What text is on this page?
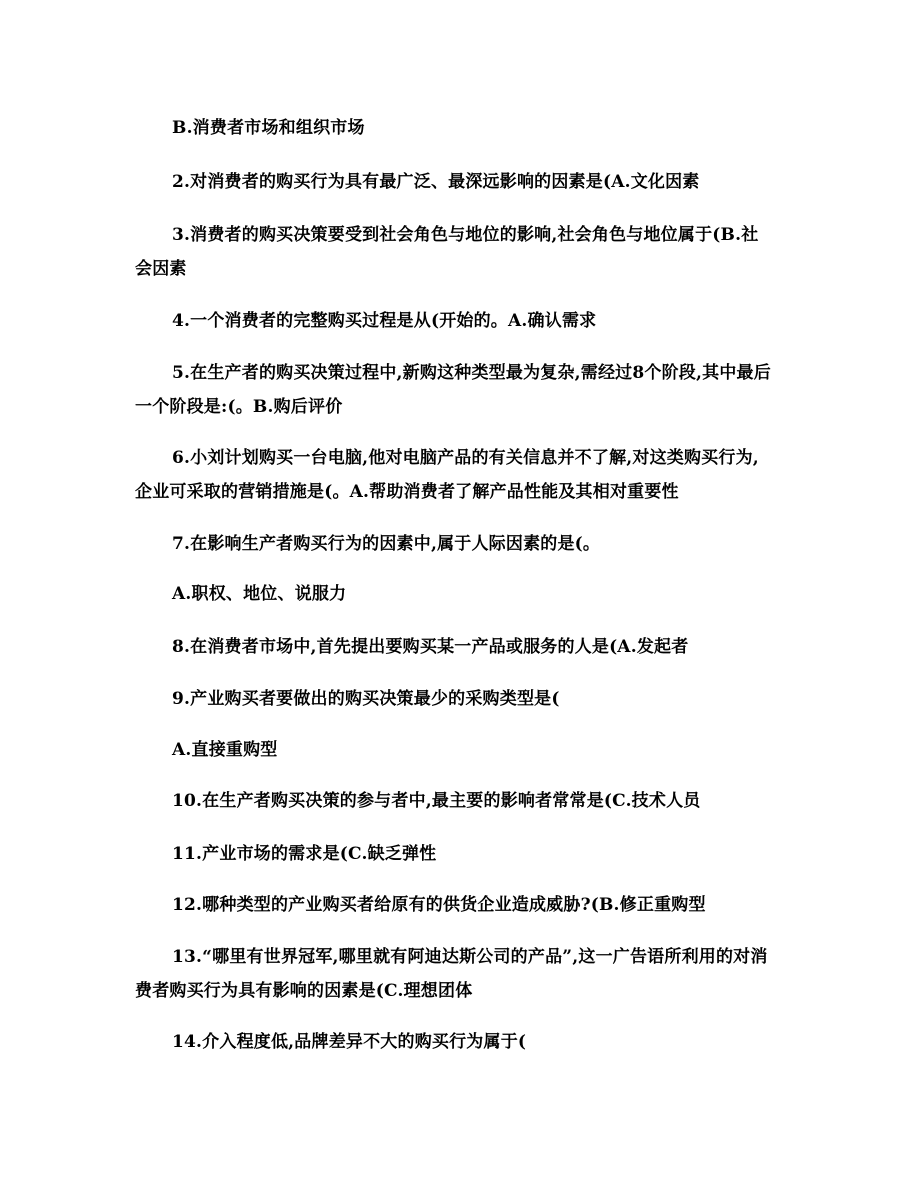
B.消费者市场和组织市场

2.对消费者的购买行为具有最广泛、最深远影响的因素是(A.文化因素

3.消费者的购买决策要受到社会角色与地位的影响,社会角色与地位属于(B.社

会因素

4.一个消费者的完整购买过程是从(开始的。A.确认需求

5.在生产者的购买决策过程中,新购这种类型最为复杂,需经过8个阶段,其中最后

一个阶段是:(。B.购后评价

6.小刘计划购买一台电脑,他对电脑产品的有关信息并不了解,对这类购买行为,

企业可采取的营销措施是(。A.帮助消费者了解产品性能及其相对重要性

7.在影响生产者购买行为的因素中,属于人际因素的是(。

A.职权、地位、说服力

8.在消费者市场中,首先提出要购买某一产品或服务的人是(A.发起者

9.产业购买者要做出的购买决策最少的采购类型是(

A.直接重购型

10.在生产者购买决策的参与者中,最主要的影响者常常是(C.技术人员

11.产业市场的需求是(C.缺乏弹性

12.哪种类型的产业购买者给原有的供货企业造成威胁?(B.修正重购型

13.“哪里有世界冠军,哪里就有阿迪达斯公司的产品”,这一广告语所利用的对消

费者购买行为具有影响的因素是(C.理想团体

14.介入程度低,品牌差异不大的购买行为属于(
